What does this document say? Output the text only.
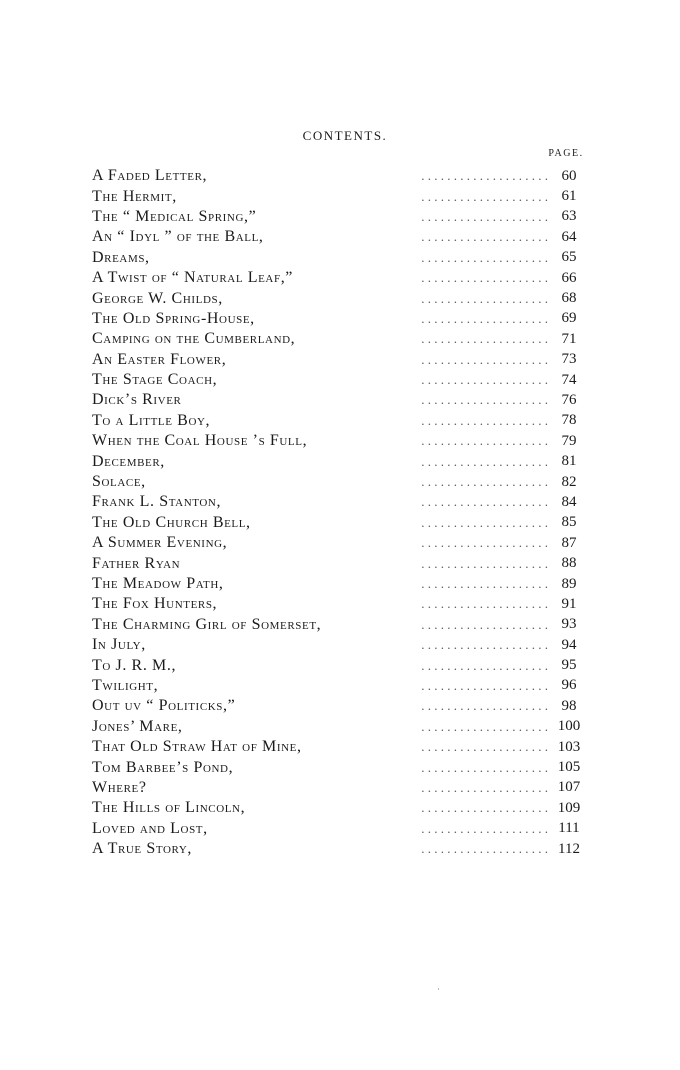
CONTENTS.
PAGE.
A Faded Letter,	. . . . . . . . . . . . . . . . . . . . 60
The Hermit,	. . . . . . . . . . . . . . . . . . . . 61
The “ Medical Spring,”	. . . . . . . . . . . . . . . . . . . . 63
An “ Idyl ” of the Ball,	. . . . . . . . . . . . . . . . . . . . 64
Dreams,	. . . . . . . . . . . . . . . . . . . . 65
A Twist of “ Natural Leaf,”	. . . . . . . . . . . . . . . . . . . . 66
George W. Childs,	. . . . . . . . . . . . . . . . . . . . 68
The Old Spring-House,	. . . . . . . . . . . . . . . . . . . . 69
Camping on the Cumberland,	. . . . . . . . . . . . . . . . . . . . 71
An Easter Flower,	. . . . . . . . . . . . . . . . . . . . 73
The Stage Coach,	. . . . . . . . . . . . . . . . . . . . 74
Dick’s River	. . . . . . . . . . . . . . . . . . . . 76
To a Little Boy,	. . . . . . . . . . . . . . . . . . . . 78
When the Coal House ’s Full,	. . . . . . . . . . . . . . . . . . . . 79
December,	. . . . . . . . . . . . . . . . . . . . 81
Solace,	. . . . . . . . . . . . . . . . . . . . 82
Frank L. Stanton,	. . . . . . . . . . . . . . . . . . . . 84
The Old Church Bell,	. . . . . . . . . . . . . . . . . . . . 85
A Summer Evening,	. . . . . . . . . . . . . . . . . . . . 87
Father Ryan	. . . . . . . . . . . . . . . . . . . . 88
The Meadow Path,	. . . . . . . . . . . . . . . . . . . . 89
The Fox Hunters,	. . . . . . . . . . . . . . . . . . . . 91
The Charming Girl of Somerset,	. . . . . . . . . . . . . . . . . . . . 93
In July,	. . . . . . . . . . . . . . . . . . . . 94
To J. R. M.,	. . . . . . . . . . . . . . . . . . . . 95
Twilight,	. . . . . . . . . . . . . . . . . . . . 96
Out uv “ Politicks,”	. . . . . . . . . . . . . . . . . . . . 98
Jones’ Mare,	. . . . . . . . . . . . . . . . . . . . 100
That Old Straw Hat of Mine,	. . . . . . . . . . . . . . . . . . . . 103
Tom Barbee’s Pond,	. . . . . . . . . . . . . . . . . . . . 105
Where?	. . . . . . . . . . . . . . . . . . . . 107
The Hills of Lincoln,	. . . . . . . . . . . . . . . . . . . . 109
Loved and Lost,	. . . . . . . . . . . . . . . . . . . . 111
A True Story,	. . . . . . . . . . . . . . . . . . . . 112
